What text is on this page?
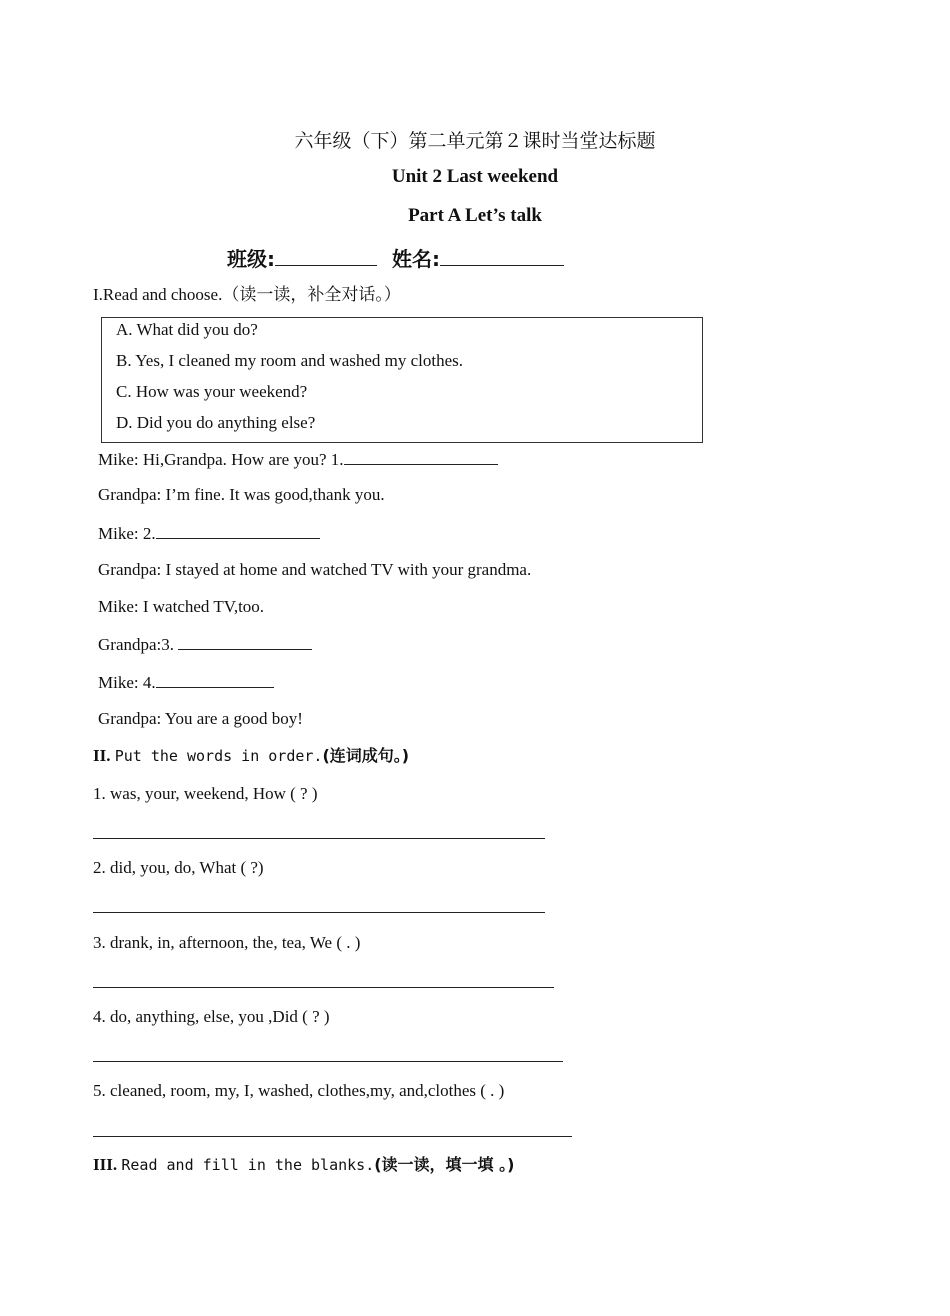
六年级（下）第二单元第２课时当堂达标题
Unit 2 Last weekend
Part A Let’s talk
班级:	姓名:
I.Read and choose.（读一读，补全对话。）
A. What did you do?
B. Yes, I cleaned my room and washed my clothes.
C. How was your weekend?
D. Did you do anything else?
Mike: Hi,Grandpa. How are you? 1.
Grandpa: I’m fine. It was good,thank you.
Mike: 2.
Grandpa: I stayed at home and watched TV with your grandma.
Mike: I watched TV,too.
Grandpa:3.
Mike: 4.
Grandpa: You are a good boy!
II. Put the words in order.(连词成句。)
1. was, your, weekend, How ( ? )
2. did, you, do, What ( ?)
3. drank, in, afternoon, the, tea, We ( . )
4. do, anything, else, you ,Did ( ? )
5. cleaned, room, my, I, washed, clothes,my, and,clothes ( . )
III. Read and fill in the blanks.(读一读，填一填 。)
